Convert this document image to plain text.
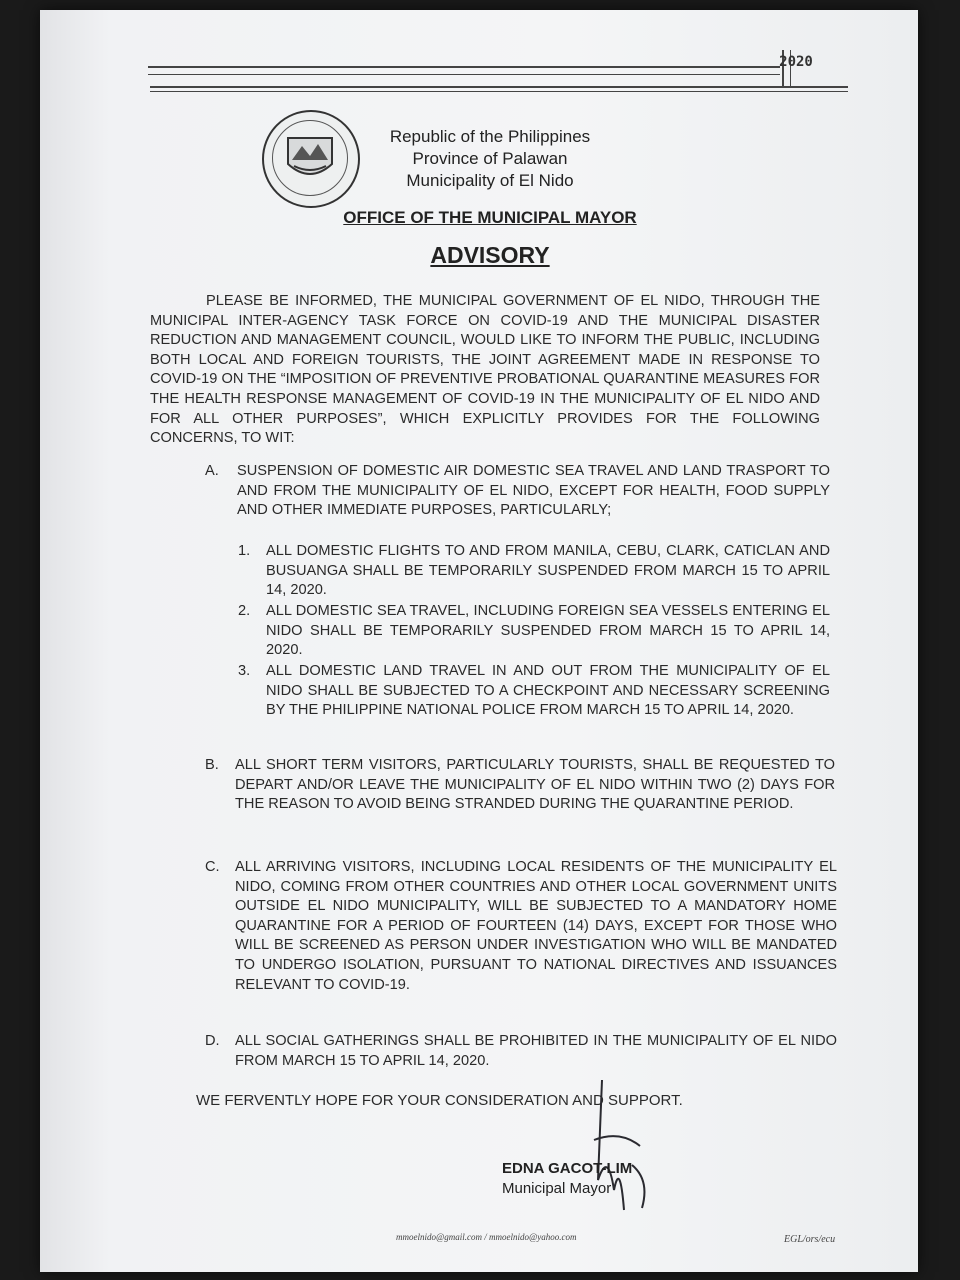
2020
Republic of the Philippines
Province of Palawan
Municipality of El Nido
OFFICE OF THE MUNICIPAL MAYOR
ADVISORY
PLEASE BE INFORMED, THE MUNICIPAL GOVERNMENT OF EL NIDO, THROUGH THE MUNICIPAL INTER-AGENCY TASK FORCE ON COVID-19 AND THE MUNICIPAL DISASTER REDUCTION AND MANAGEMENT COUNCIL, WOULD LIKE TO INFORM THE PUBLIC, INCLUDING BOTH LOCAL AND FOREIGN TOURISTS, THE JOINT AGREEMENT MADE IN RESPONSE TO COVID-19 ON THE “IMPOSITION OF PREVENTIVE PROBATIONAL QUARANTINE MEASURES FOR THE HEALTH RESPONSE MANAGEMENT OF COVID-19 IN THE MUNICIPALITY OF EL NIDO AND FOR ALL OTHER PURPOSES”, WHICH EXPLICITLY PROVIDES FOR THE FOLLOWING CONCERNS, TO WIT:
A. SUSPENSION OF DOMESTIC AIR DOMESTIC SEA TRAVEL AND LAND TRASPORT TO AND FROM THE MUNICIPALITY OF EL NIDO, EXCEPT FOR HEALTH, FOOD SUPPLY AND OTHER IMMEDIATE PURPOSES, PARTICULARLY;
1. ALL DOMESTIC FLIGHTS TO AND FROM MANILA, CEBU, CLARK, CATICLAN AND BUSUANGA SHALL BE TEMPORARILY SUSPENDED FROM MARCH 15 TO APRIL 14, 2020.
2. ALL DOMESTIC SEA TRAVEL, INCLUDING FOREIGN SEA VESSELS ENTERING EL NIDO SHALL BE TEMPORARILY SUSPENDED FROM MARCH 15 TO APRIL 14, 2020.
3. ALL DOMESTIC LAND TRAVEL IN AND OUT FROM THE MUNICIPALITY OF EL NIDO SHALL BE SUBJECTED TO A CHECKPOINT AND NECESSARY SCREENING BY THE PHILIPPINE NATIONAL POLICE FROM MARCH 15 TO APRIL 14, 2020.
B. ALL SHORT TERM VISITORS, PARTICULARLY TOURISTS, SHALL BE REQUESTED TO DEPART AND/OR LEAVE THE MUNICIPALITY OF EL NIDO WITHIN TWO (2) DAYS FOR THE REASON TO AVOID BEING STRANDED DURING THE QUARANTINE PERIOD.
C. ALL ARRIVING VISITORS, INCLUDING LOCAL RESIDENTS OF THE MUNICIPALITY EL NIDO, COMING FROM OTHER COUNTRIES AND OTHER LOCAL GOVERNMENT UNITS OUTSIDE EL NIDO MUNICIPALITY, WILL BE SUBJECTED TO A MANDATORY HOME QUARANTINE FOR A PERIOD OF FOURTEEN (14) DAYS, EXCEPT FOR THOSE WHO WILL BE SCREENED AS PERSON UNDER INVESTIGATION WHO WILL BE MANDATED TO UNDERGO ISOLATION, PURSUANT TO NATIONAL DIRECTIVES AND ISSUANCES RELEVANT TO COVID-19.
D. ALL SOCIAL GATHERINGS SHALL BE PROHIBITED IN THE MUNICIPALITY OF EL NIDO FROM MARCH 15 TO APRIL 14, 2020.
WE FERVENTLY HOPE FOR YOUR CONSIDERATION AND SUPPORT.
EDNA GACOT-LIM
Municipal Mayor
mmoelnido@gmail.com / mmoelnido@yahoo.com	EGL/ors/ecu
